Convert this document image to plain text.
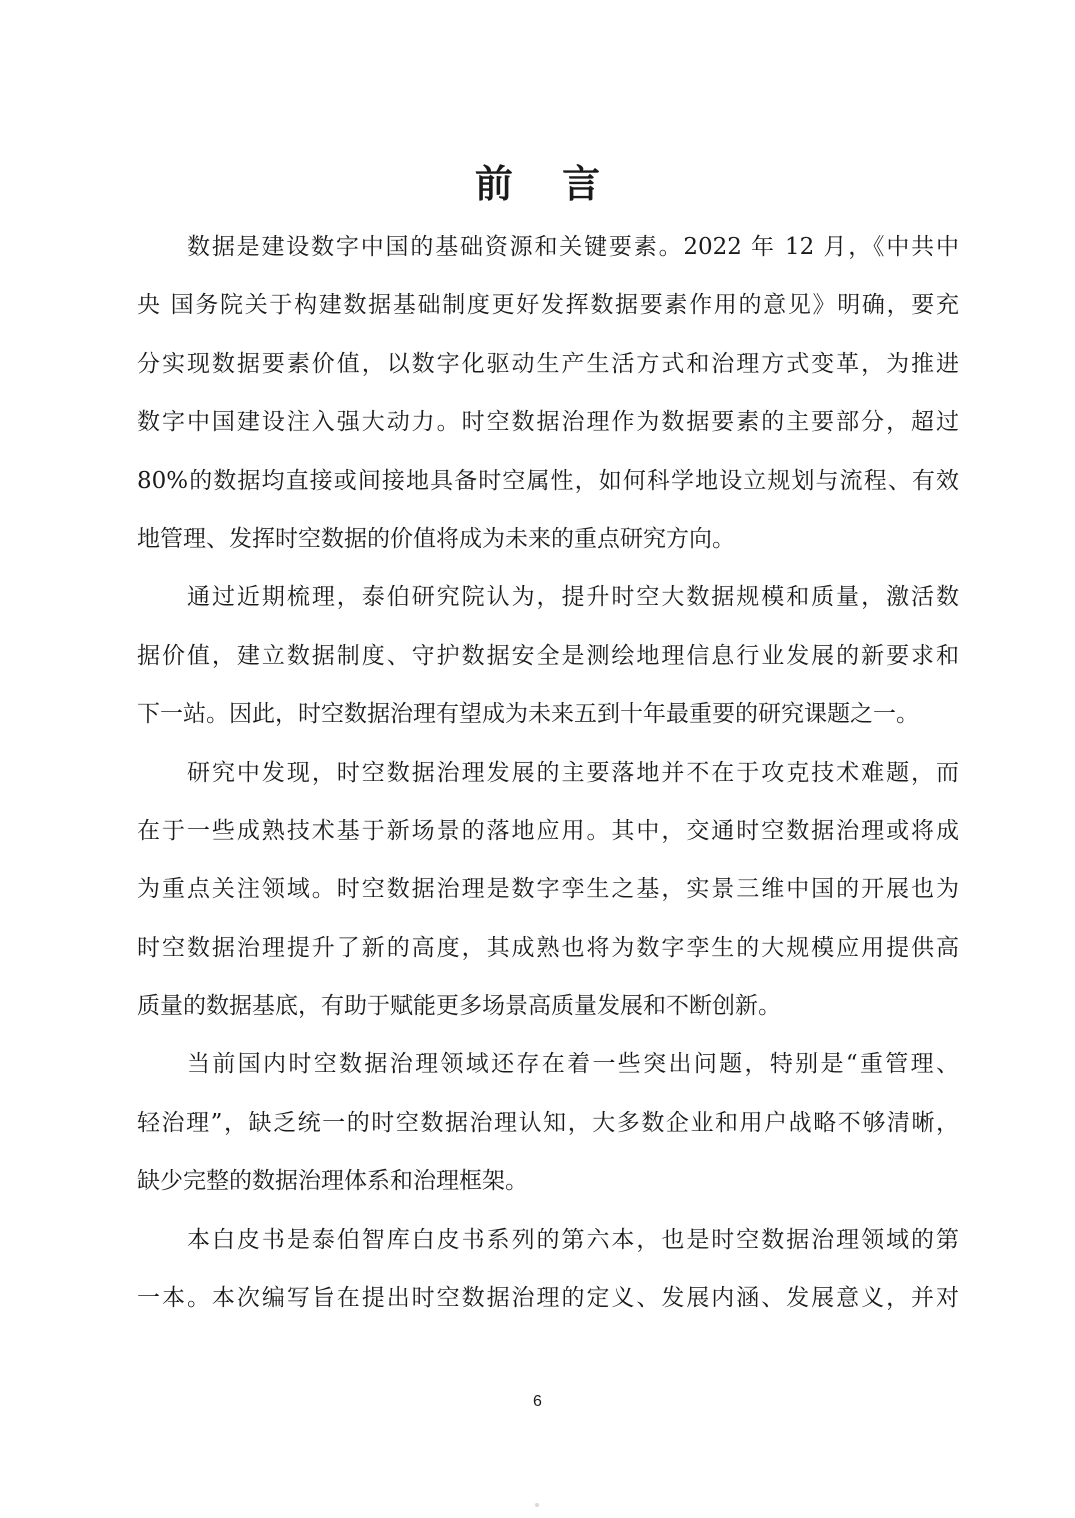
前 言
数据是建设数字中国的基础资源和关键要素。2022 年 12 月，《中共中
央 国务院关于构建数据基础制度更好发挥数据要素作用的意见》明确，要充
分实现数据要素价值，以数字化驱动生产生活方式和治理方式变革，为推进
数字中国建设注入强大动力。时空数据治理作为数据要素的主要部分，超过
80%的数据均直接或间接地具备时空属性，如何科学地设立规划与流程、有效
地管理、发挥时空数据的价值将成为未来的重点研究方向。
通过近期梳理，泰伯研究院认为，提升时空大数据规模和质量，激活数
据价值，建立数据制度、守护数据安全是测绘地理信息行业发展的新要求和
下一站。因此，时空数据治理有望成为未来五到十年最重要的研究课题之一。
研究中发现，时空数据治理发展的主要落地并不在于攻克技术难题，而
在于一些成熟技术基于新场景的落地应用。其中，交通时空数据治理或将成
为重点关注领域。时空数据治理是数字孪生之基，实景三维中国的开展也为
时空数据治理提升了新的高度，其成熟也将为数字孪生的大规模应用提供高
质量的数据基底，有助于赋能更多场景高质量发展和不断创新。
当前国内时空数据治理领域还存在着一些突出问题，特别是“重管理、
轻治理”，缺乏统一的时空数据治理认知，大多数企业和用户战略不够清晰，
缺少完整的数据治理体系和治理框架。
本白皮书是泰伯智库白皮书系列的第六本，也是时空数据治理领域的第
一本。本次编写旨在提出时空数据治理的定义、发展内涵、发展意义，并对
6
